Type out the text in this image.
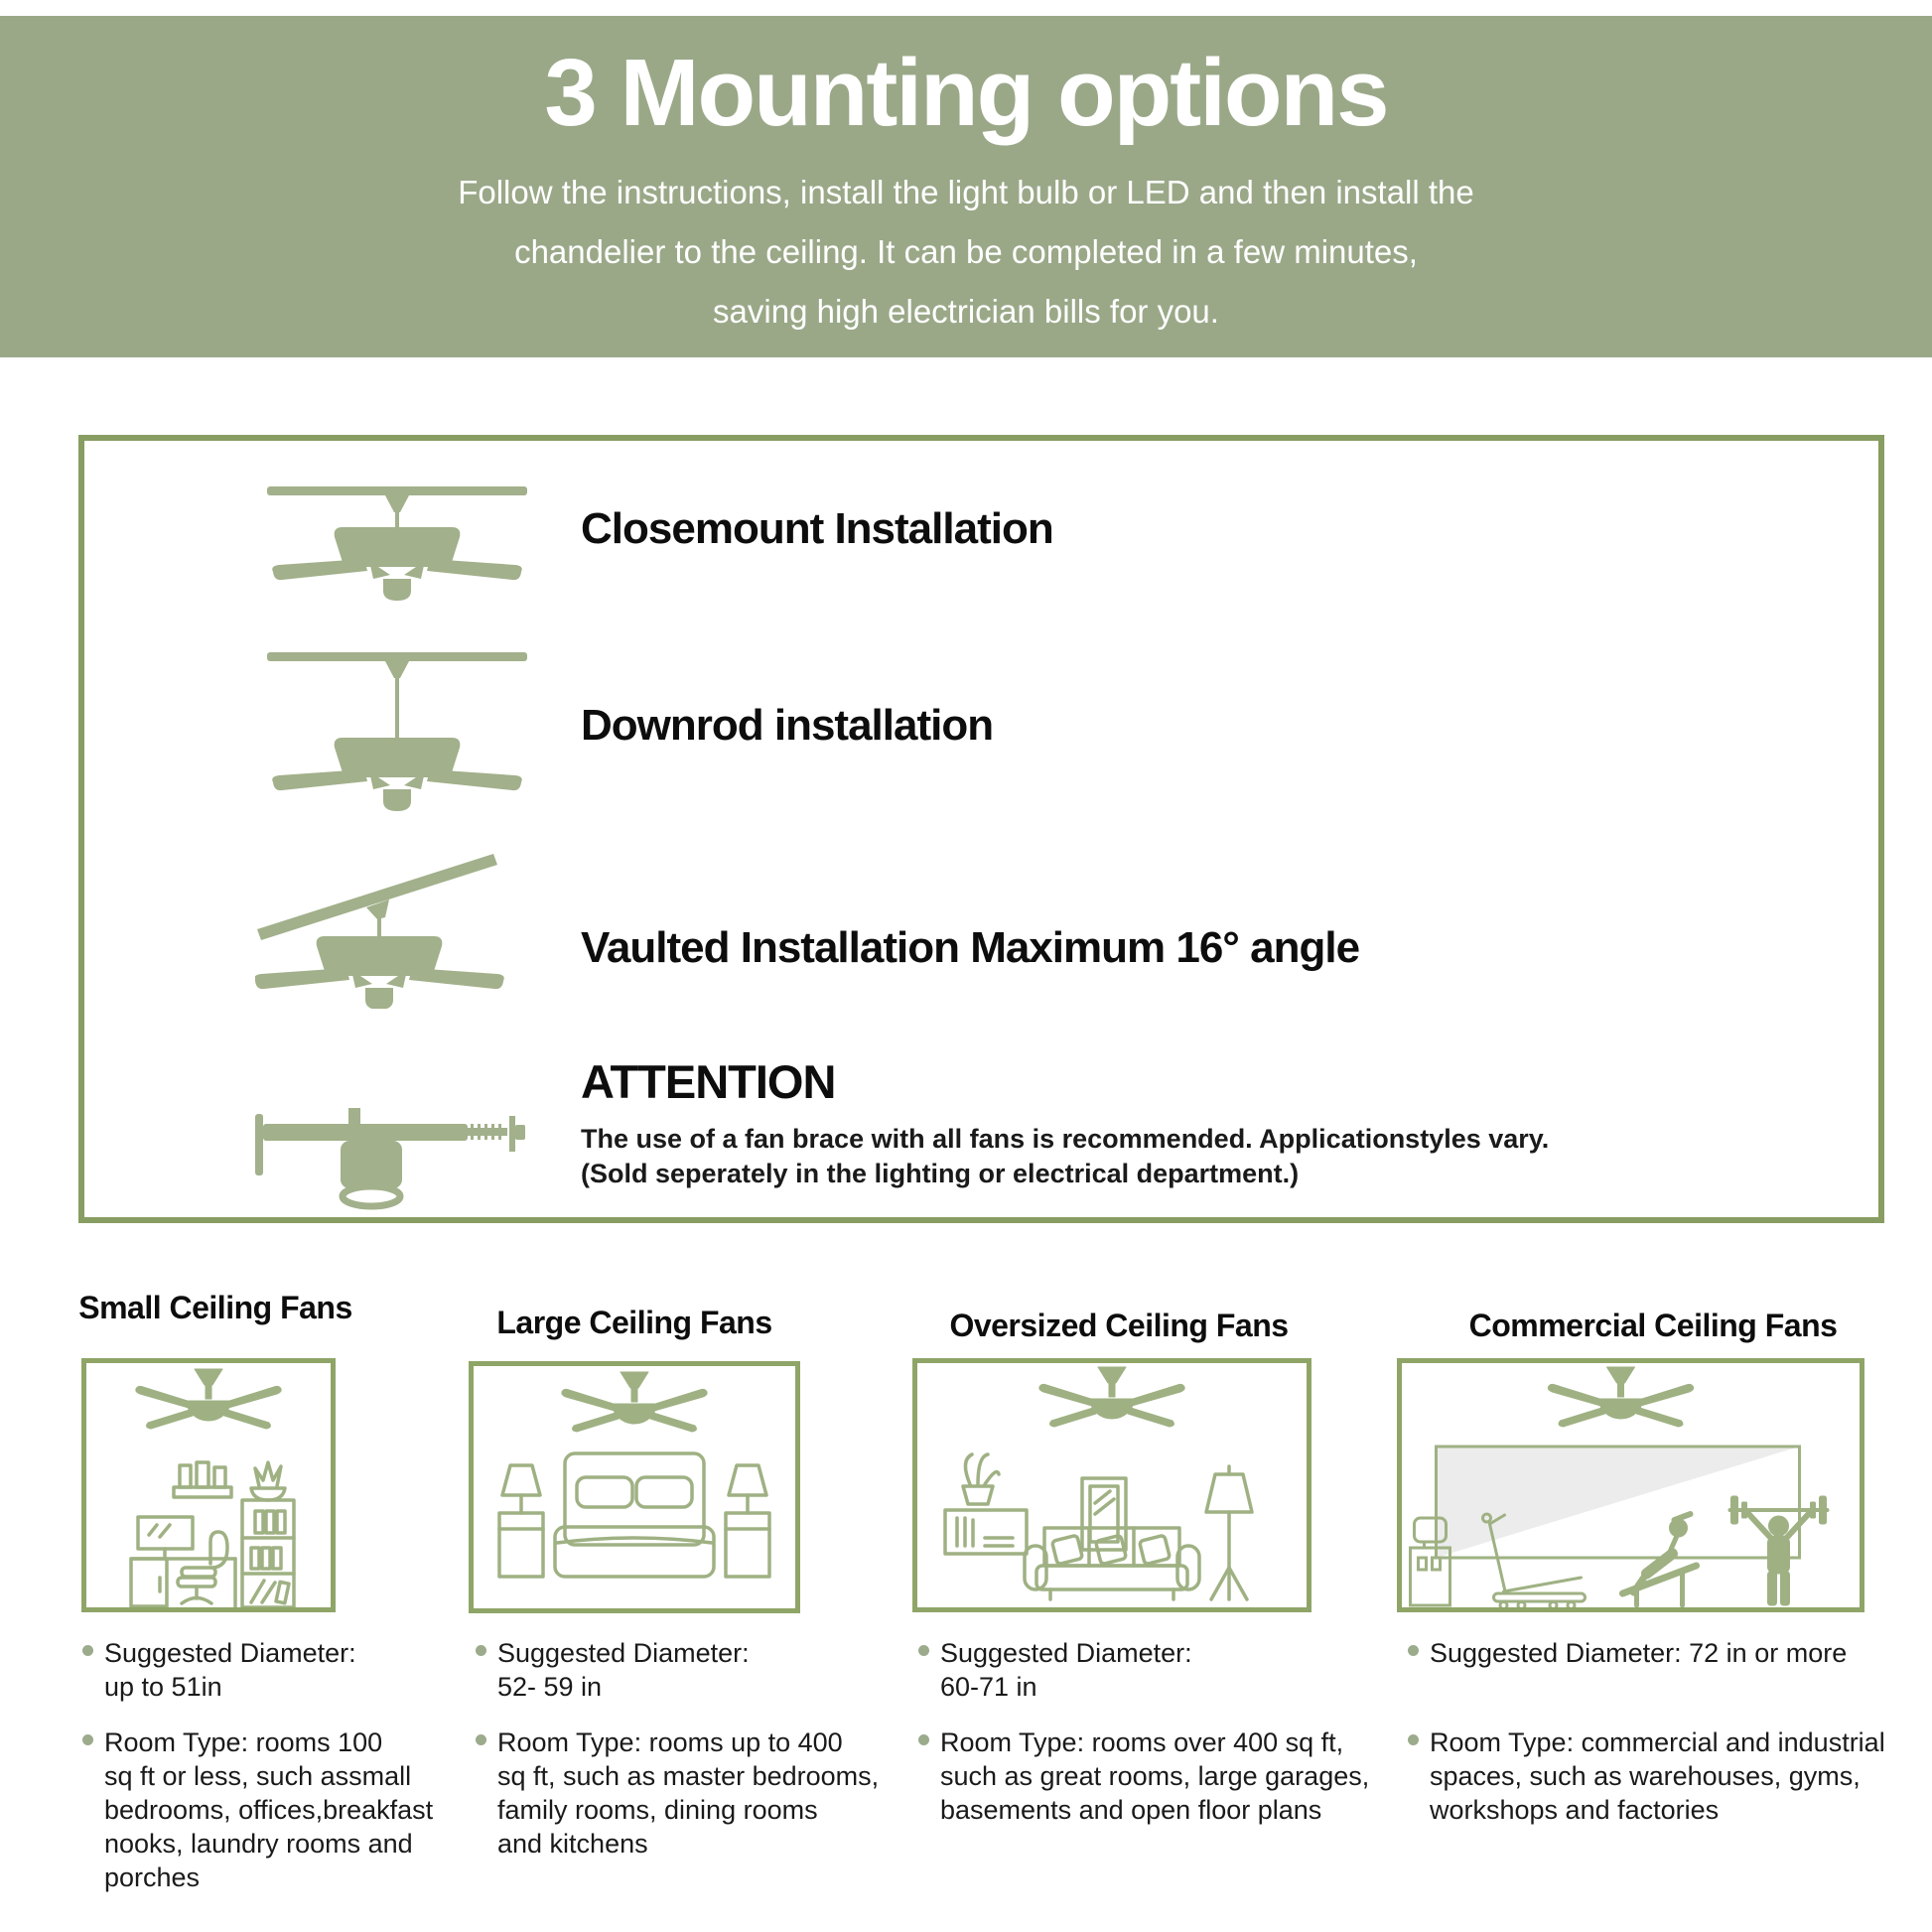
3 Mounting options
Follow the instructions, install the light bulb or LED and then install the
chandelier to the ceiling. It can be completed in a few minutes,
saving high electrician bills for you.
Closemount Installation
Downrod installation
Vaulted Installation Maximum 16° angle
ATTENTION
The use of a fan brace with all fans is recommended. Applicationstyles vary.
(Sold seperately in the lighting or electrical department.)
Small Ceiling Fans	Large Ceiling Fans	Oversized Ceiling Fans	Commercial Ceiling Fans
Suggested Diameter:
up to 51in
Room Type: rooms 100
sq ft or less, such assmall
bedrooms, offices,breakfast
nooks, laundry rooms and
porches
Suggested Diameter:
52- 59 in
Room Type: rooms up to 400
sq ft, such as master bedrooms,
family rooms, dining rooms
and kitchens
Suggested Diameter:
60-71 in
Room Type: rooms over 400 sq ft,
such as great rooms, large garages,
basements and open floor plans
Suggested Diameter: 72 in or more
Room Type: commercial and industrial
spaces, such as warehouses, gyms,
workshops and factories
